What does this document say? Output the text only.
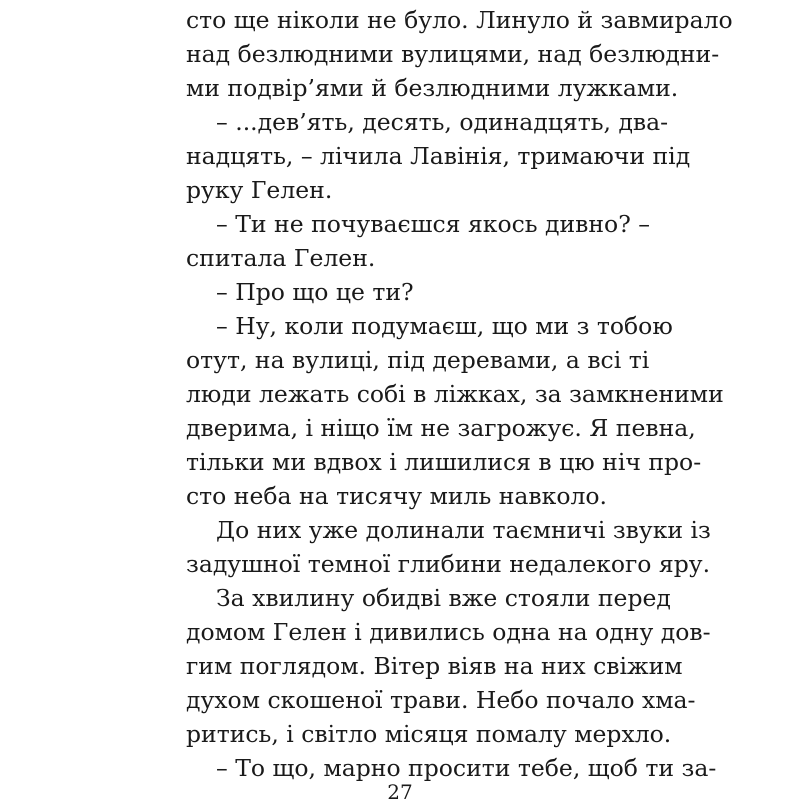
сто ще ніколи не було. Линуло й завмирало
над безлюдними вулицями, над безлюдни-
ми подвір’ями й безлюдними лужками.
– ...дев’ять, десять, одинадцять, два-
надцять, – лічила Лавінія, тримаючи під
руку Гелен.
– Ти не почуваєшся якось дивно? –
спитала Гелен.
– Про що це ти?
– Ну, коли подумаєш, що ми з тобою
отут, на вулиці, під деревами, а всі ті
люди лежать собі в ліжках, за замкненими
дверима, і ніщо їм не загрожує. Я певна,
тільки ми вдвох і лишилися в цю ніч про-
сто неба на тисячу миль навколо.
До них уже долинали таємничі звуки із
задушної темної глибини недалекого яру.
За хвилину обидві вже стояли перед
домом Гелен і дивились одна на одну дов-
гим поглядом. Вітер віяв на них свіжим
духом скошеної трави. Небо почало хма-
ритись, і світло місяця помалу мерхло.
– То що, марно просити тебе, щоб ти за-
27
